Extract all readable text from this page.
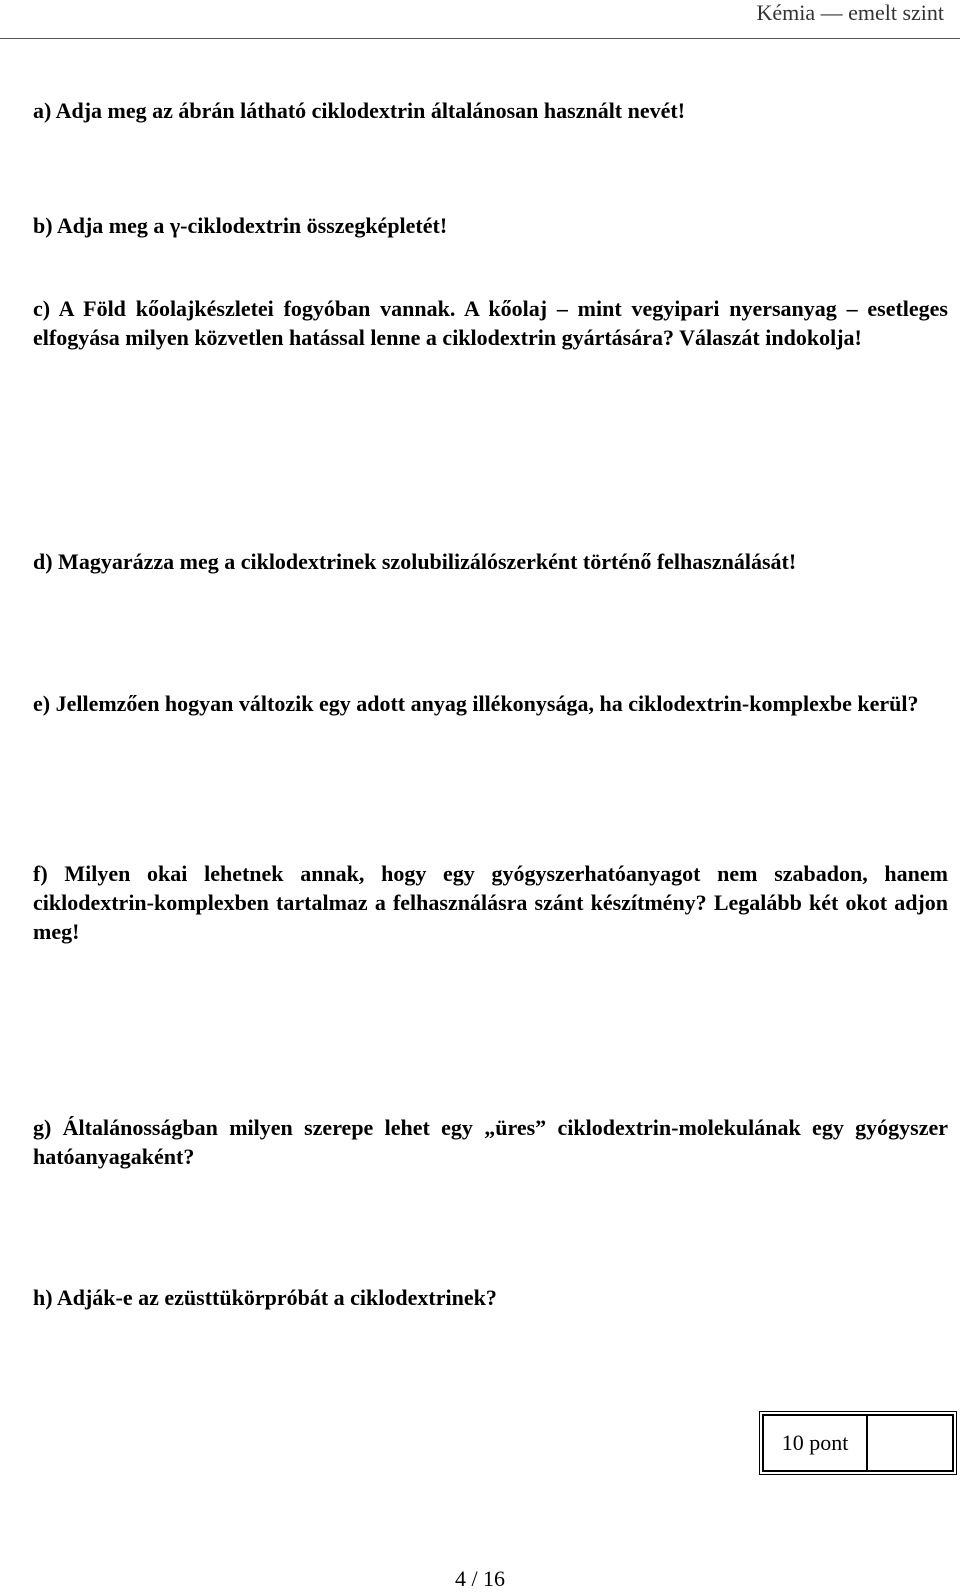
Kémia — emelt szint
a) Adja meg az ábrán látható ciklodextrin általánosan használt nevét!
b) Adja meg a γ-ciklodextrin összegképletét!
c) A Föld kőolajkészletei fogyóban vannak. A kőolaj – mint vegyipari nyersanyag – esetleges elfogyása milyen közvetlen hatással lenne a ciklodextrin gyártására? Válaszát indokolja!
d) Magyarázza meg a ciklodextrinek szolubilizálószerként történő felhasználását!
e) Jellemzően hogyan változik egy adott anyag illékonysága, ha ciklodextrin-komplexbe kerül?
f) Milyen okai lehetnek annak, hogy egy gyógyszerhatóanyagot nem szabadon, hanem ciklodextrin-komplexben tartalmaz a felhasználásra szánt készítmény? Legalább két okot adjon meg!
g) Általánosságban milyen szerepe lehet egy „üres” ciklodextrin-molekulának egy gyógyszer hatóanyagaként?
h) Adják-e az ezüsttükörpróbát a ciklodextrinek?
10 pont
4 / 16
